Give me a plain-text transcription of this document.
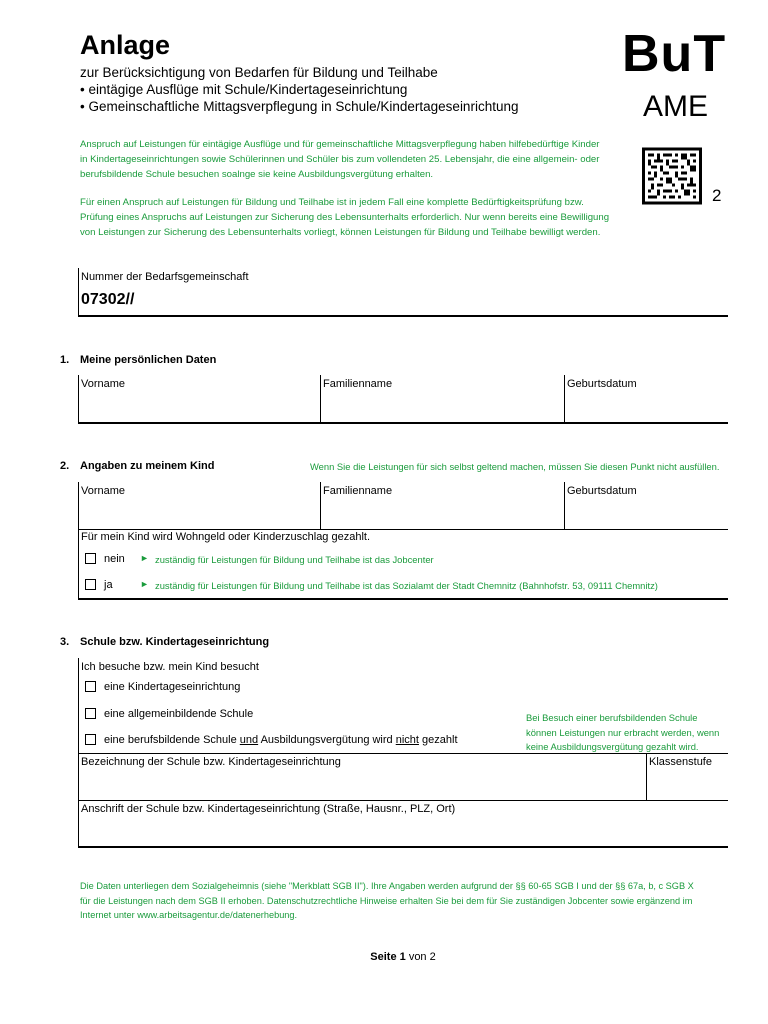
Anlage
zur Berücksichtigung von Bedarfen für Bildung und Teilhabe
• eintägige Ausflüge mit Schule/Kindertageseinrichtung
• Gemeinschaftliche Mittagsverpflegung in Schule/Kindertageseinrichtung
BuT
AME
2
Anspruch auf Leistungen für eintägige Ausflüge und für gemeinschaftliche Mittagsverpflegung haben hilfebedürftige Kinder
in Kindertageseinrichtungen sowie Schülerinnen und Schüler bis zum vollendeten 25. Lebensjahr, die eine allgemein- oder
berufsbildende Schule besuchen soalnge sie keine Ausbildungsvergütung erhalten.
Für einen Anspruch auf Leistungen für Bildung und Teilhabe ist in jedem Fall eine komplette Bedürftigkeitsprüfung bzw.
Prüfung eines Anspruchs auf Leistungen zur Sicherung des Lebensunterhalts erforderlich. Nur wenn bereits eine Bewilligung
von Leistungen zur Sicherung des Lebensunterhalts vorliegt, können Leistungen für Bildung und Teilhabe bewilligt werden.
Nummer der Bedarfsgemeinschaft
07302//
1. Meine persönlichen Daten
Vorname	Familienname	Geburtsdatum
2. Angaben zu meinem Kind	Wenn Sie die Leistungen für sich selbst geltend machen, müssen Sie diesen Punkt nicht ausfüllen.
Vorname	Familienname	Geburtsdatum
Für mein Kind wird Wohngeld oder Kinderzuschlag gezahlt.
nein ► zuständig für Leistungen für Bildung und Teilhabe ist das Jobcenter
ja	► zuständig für Leistungen für Bildung und Teilhabe ist das Sozialamt der Stadt Chemnitz (Bahnhofstr. 53, 09111 Chemnitz)
3. Schule bzw. Kindertageseinrichtung
Ich besuche bzw. mein Kind besucht
eine Kindertageseinrichtung
eine allgemeinbildende Schule
eine berufsbildende Schule und Ausbildungsvergütung wird nicht gezahlt
Bei Besuch einer berufsbildenden Schule
können Leistungen nur erbracht werden, wenn
keine Ausbildungsvergütung gezahlt wird.
Bezeichnung der Schule bzw. Kindertageseinrichtung	Klassenstufe
Anschrift der Schule bzw. Kindertageseinrichtung (Straße, Hausnr., PLZ, Ort)
Die Daten unterliegen dem Sozialgeheimnis (siehe "Merkblatt SGB II"). Ihre Angaben werden aufgrund der §§ 60-65 SGB I und der §§ 67a, b, c SGB X
für die Leistungen nach dem SGB II erhoben. Datenschutzrechtliche Hinweise erhalten Sie bei dem für Sie zuständigen Jobcenter sowie ergänzend im
Internet unter www.arbeitsagentur.de/datenerhebung.
Seite 1 von 2
